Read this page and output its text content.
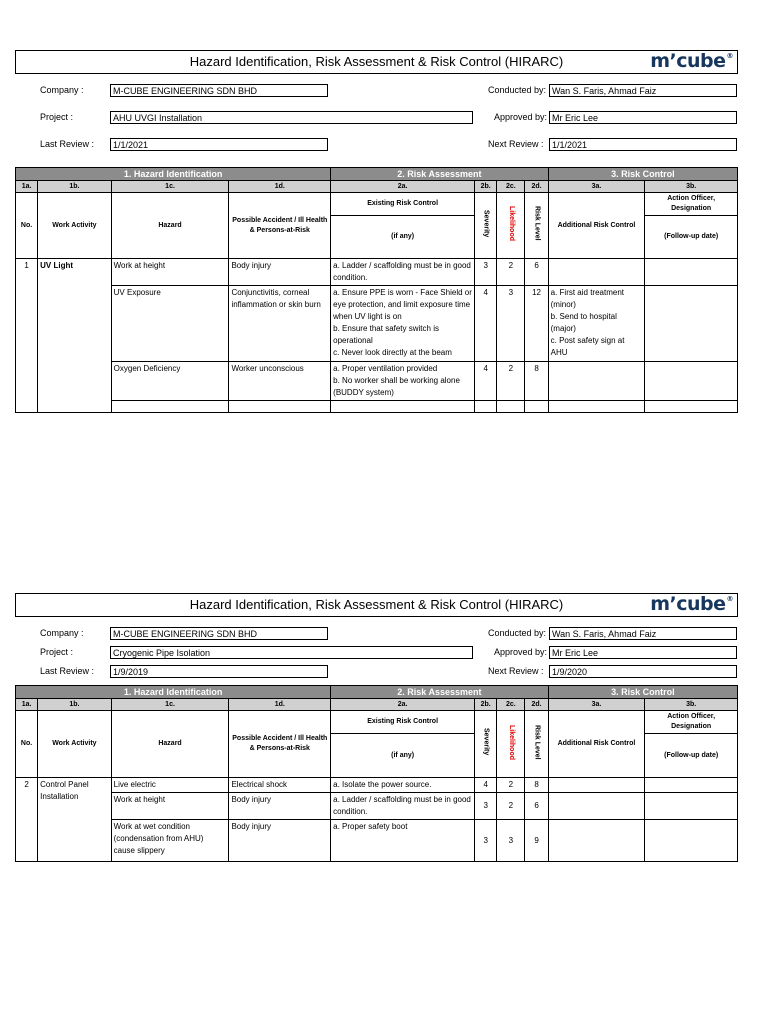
Hazard Identification, Risk Assessment & Risk Control (HIRARC)	m’cube®
Company :	M-CUBE ENGINEERING SDN BHD	Conducted by: Wan S. Faris, Ahmad Faiz
Project :	AHU UVGI Installation	Approved by: Mr Eric Lee
Last Review :	1/1/2021	Next Review : 1/1/2021
1. Hazard Identification				2. Risk Assessment				3. Risk Control	
1a.	1b.	1c.	1d.	2a.	2b.	2c.	2d.	3a.	3b.
No.	Work Activity	Hazard	Possible Accident / Ill Health & Persons-at-Risk	Existing Risk Control	Severity	Likelihood	Risk Level	Additional Risk Control	Action Officer, Designation
				(if any)					(Follow-up date)
1	UV Light	Work at height	Body injury	a. Ladder / scaffolding must be in good condition.	3	2	6		
		UV Exposure	Conjunctivitis, corneal inflammation or skin burn	a. Ensure PPE is worn - Face Shield or eye protection, and limit exposure time when UV light is on
b. Ensure that safety switch is operational
c. Never look directly at the beam	4	3	12	a. First aid treatment (minor)
b. Send to hospital (major)
c. Post safety sign at AHU	
		Oxygen Deficiency	Worker unconscious	a. Proper ventilation provided
b. No worker shall be working alone (BUDDY system)	4	2	8		

Hazard Identification, Risk Assessment & Risk Control (HIRARC)	m’cube®
Company :	M-CUBE ENGINEERING SDN BHD	Conducted by: Wan S. Faris, Ahmad Faiz
Project :	Cryogenic Pipe Isolation	Approved by: Mr Eric Lee
Last Review :	1/9/2019	Next Review : 1/9/2020
1. Hazard Identification				2. Risk Assessment				3. Risk Control	
1a.	1b.	1c.	1d.	2a.	2b.	2c.	2d.	3a.	3b.
No.	Work Activity	Hazard	Possible Accident / Ill Health & Persons-at-Risk	Existing Risk Control	Severity	Likelihood	Risk Level	Additional Risk Control	Action Officer, Designation
				(if any)					(Follow-up date)
2	Control Panel Installation	Live electric	Electrical shock	a. Isolate the power source.	4	2	8		
		Work at height	Body injury	a. Ladder / scaffolding must be in good condition.	3	2	6		
		Work at wet condition (condensation from AHU) cause slippery	Body injury	a. Proper safety boot	3	3	9		
